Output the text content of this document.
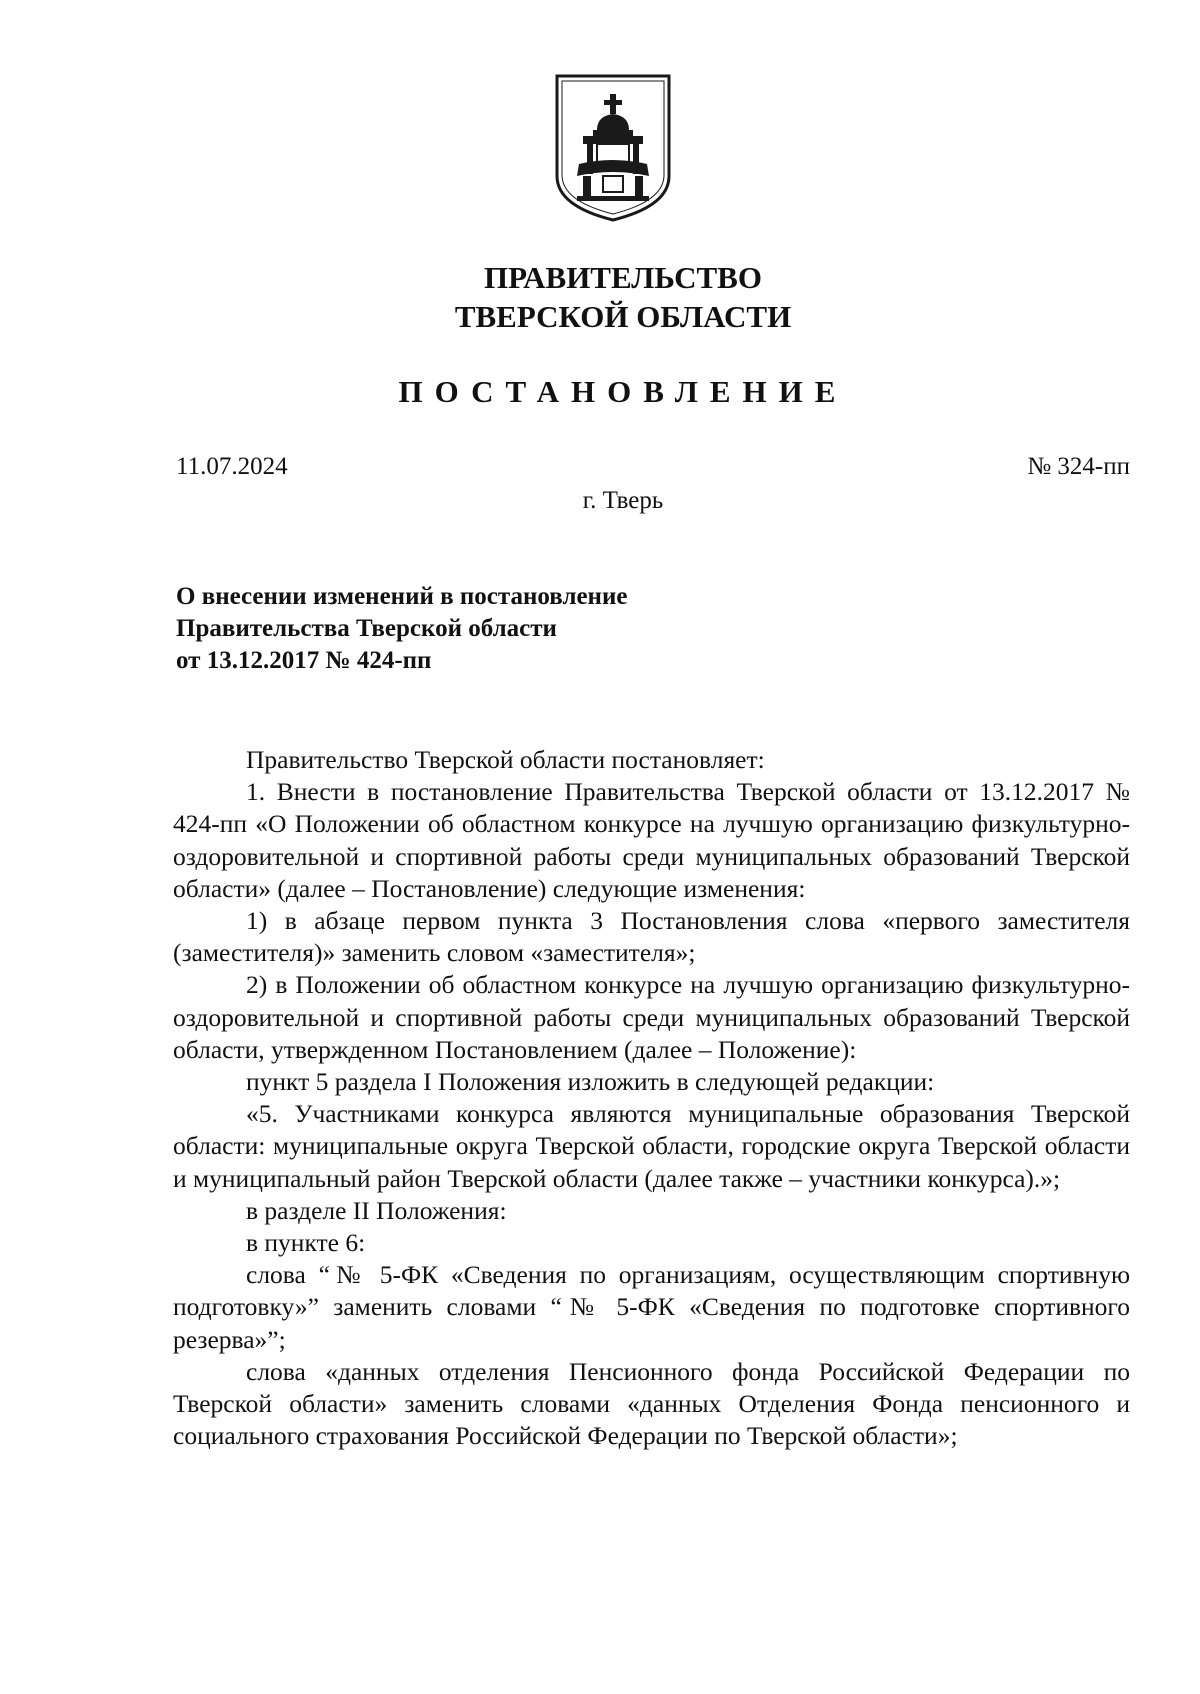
ПРАВИТЕЛЬСТВО
ТВЕРСКОЙ ОБЛАСТИ
ПОСТАНОВЛЕНИЕ
11.07.2024	№ 324-пп
г. Тверь
О внесении изменений в постановление
Правительства Тверской области
от 13.12.2017 № 424-пп

Правительство Тверской области постановляет:

1. Внести в постановление Правительства Тверской области от 13.12.2017 № 424-пп «О Положении об областном конкурсе на лучшую организацию физкультурно-оздоровительной и спортивной работы среди муниципальных образований Тверской области» (далее – Постановление) следующие изменения:

1) в абзаце первом пункта 3 Постановления слова «первого заместителя (заместителя)» заменить словом «заместителя»;

2) в Положении об областном конкурсе на лучшую организацию физкультурно-оздоровительной и спортивной работы среди муниципальных образований Тверской области, утвержденном Постановлением (далее – Положение):

пункт 5 раздела I Положения изложить в следующей редакции:

«5. Участниками конкурса являются муниципальные образования Тверской области: муниципальные округа Тверской области, городские округа Тверской области и муниципальный район Тверской области (далее также – участники конкурса).»;

в разделе II Положения:

в пункте 6:

слова “№ 5-ФК «Сведения по организациям, осуществляющим спортивную подготовку»” заменить словами “№ 5-ФК «Сведения по подготовке спортивного резерва»”;

слова «данных отделения Пенсионного фонда Российской Федерации по Тверской области» заменить словами «данных Отделения Фонда пенсионного и социального страхования Российской Федерации по Тверской области»;
